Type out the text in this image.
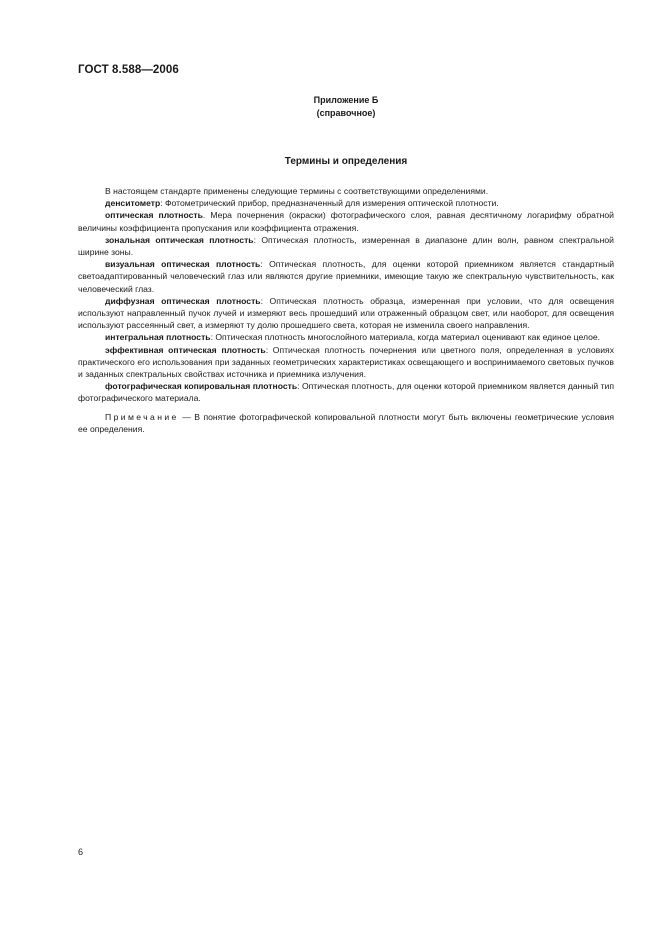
ГОСТ 8.588—2006
Приложение Б
(справочное)
Термины и определения

В настоящем стандарте применены следующие термины с соответствующими определениями.

денситометр: Фотометрический прибор, предназначенный для измерения оптической плотности.

оптическая плотность. Мера почернения (окраски) фотографического слоя, равная десятичному логарифму обратной величины коэффициента пропускания или коэффициента отражения.

зональная оптическая плотность: Оптическая плотность, измеренная в диапазоне длин волн, равном спектральной ширине зоны.

визуальная оптическая плотность: Оптическая плотность, для оценки которой приемником является стандартный светоадаптированный человеческий глаз или являются другие приемники, имеющие такую же спектральную чувствительность, как человеческий глаз.

диффузная оптическая плотность: Оптическая плотность образца, измеренная при условии, что для освещения используют направленный пучок лучей и измеряют весь прошедший или отраженный образцом свет, или наоборот, для освещения используют рассеянный свет, а измеряют ту долю прошедшего света, которая не изменила своего направления.

интегральная плотность: Оптическая плотность многослойного материала, когда материал оценивают как единое целое.

эффективная оптическая плотность: Оптическая плотность почернения или цветного поля, определенная в условиях практического его использования при заданных геометрических характеристиках освещающего и воспринимаемого световых пучков и заданных спектральных свойствах источника и приемника излучения.

фотографическая копировальная плотность: Оптическая плотность, для оценки которой приемником является данный тип фотографического материала.

Примечание — В понятие фотографической копировальной плотности могут быть включены геометрические условия ее определения.

6
